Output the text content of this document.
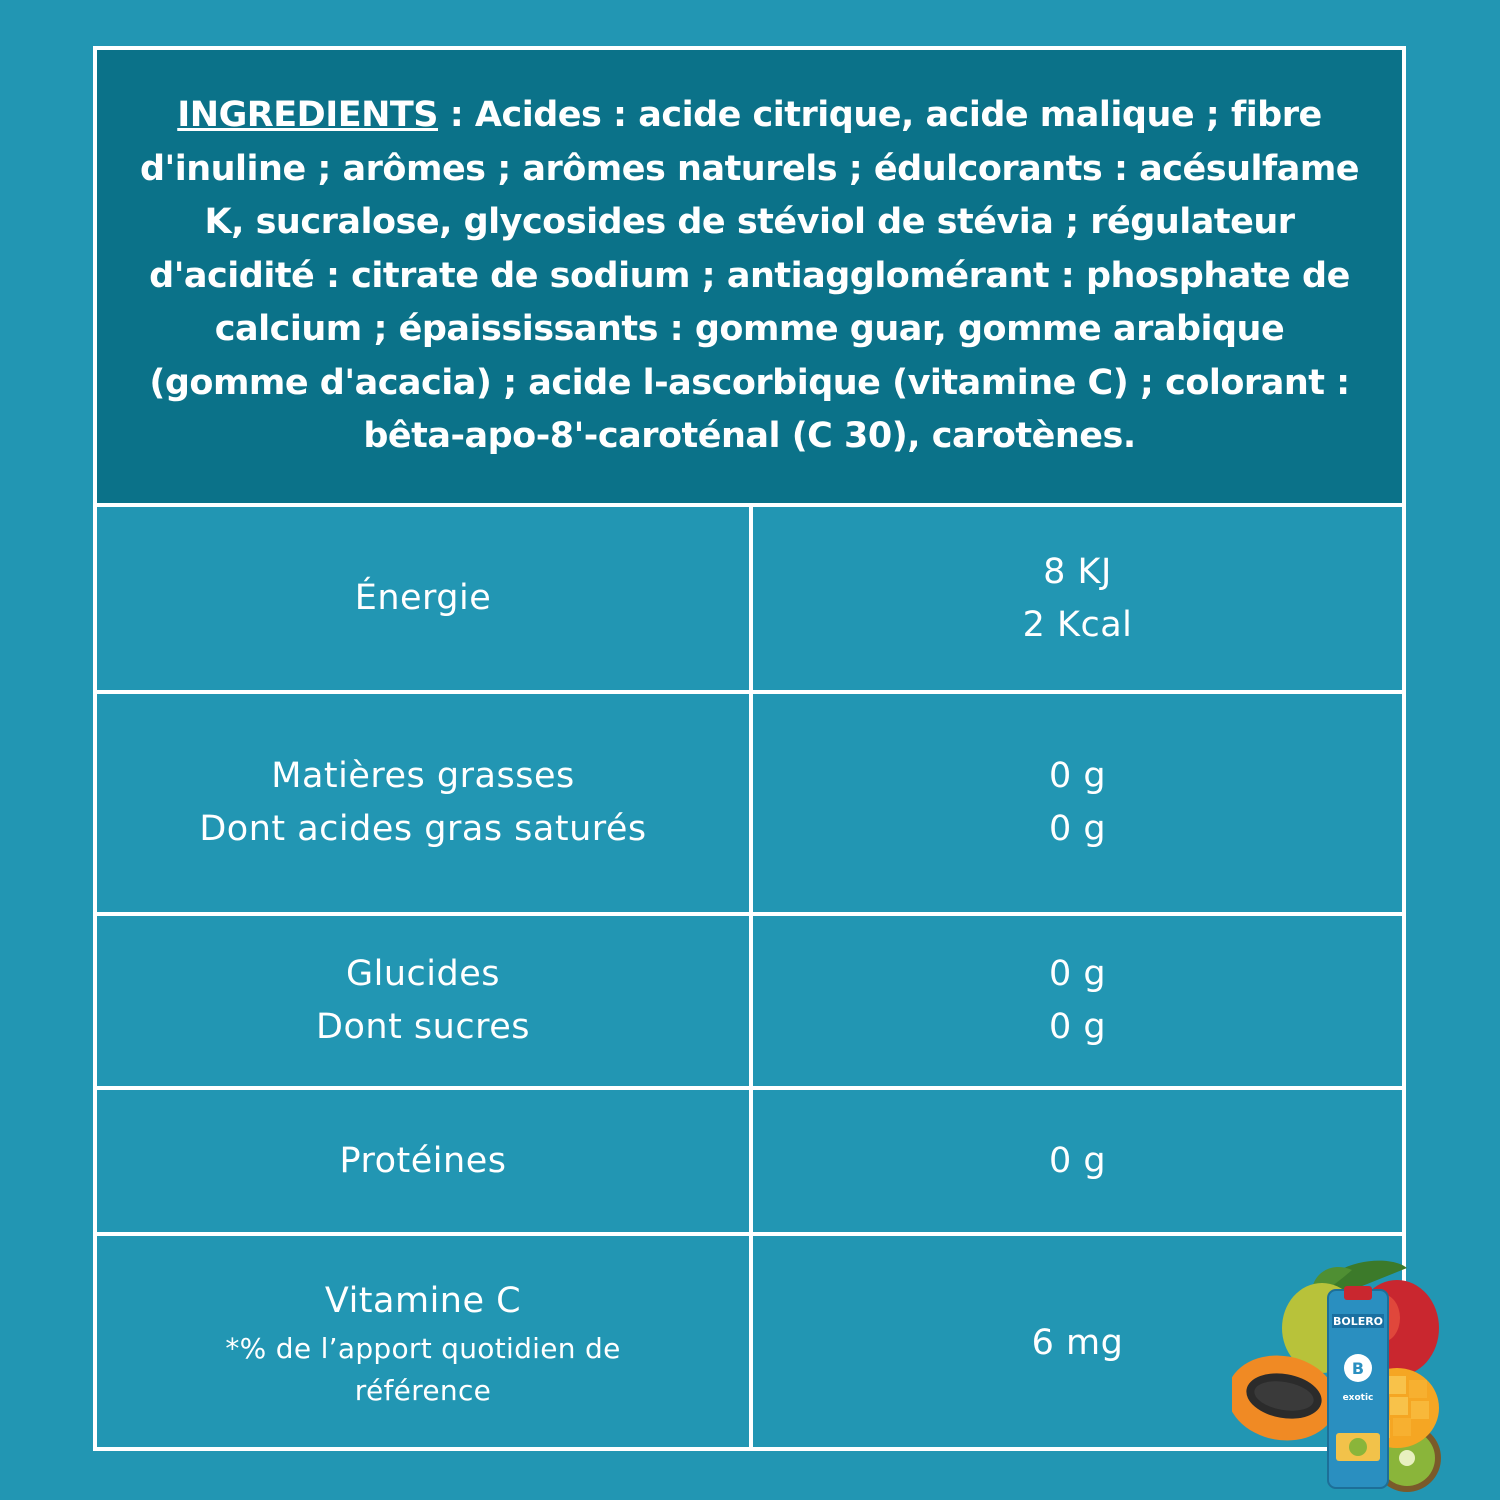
INGREDIENTS : Acides : acide citrique, acide malique ; fibre d'inuline ; arômes ; arômes naturels ; édulcorants : acésulfame K, sucralose, glycosides de stéviol de stévia ; régulateur d'acidité : citrate de sodium ; antiagglomérant : phosphate de calcium ; épaississants : gomme guar, gomme arabique (gomme d'acacia) ; acide l-ascorbique (vitamine C) ; colorant : bêta-apo-8'-caroténal (C 30), carotènes.

Énergie
8 KJ
2 Kcal
Matières grasses
Dont acides gras saturés
0 g
0 g
Glucides
Dont sucres
0 g
0 g
Protéines	0 g
Vitamine C
*% de l’apport quotidien de
référence
6 mg
BOLERO
B
exotic
